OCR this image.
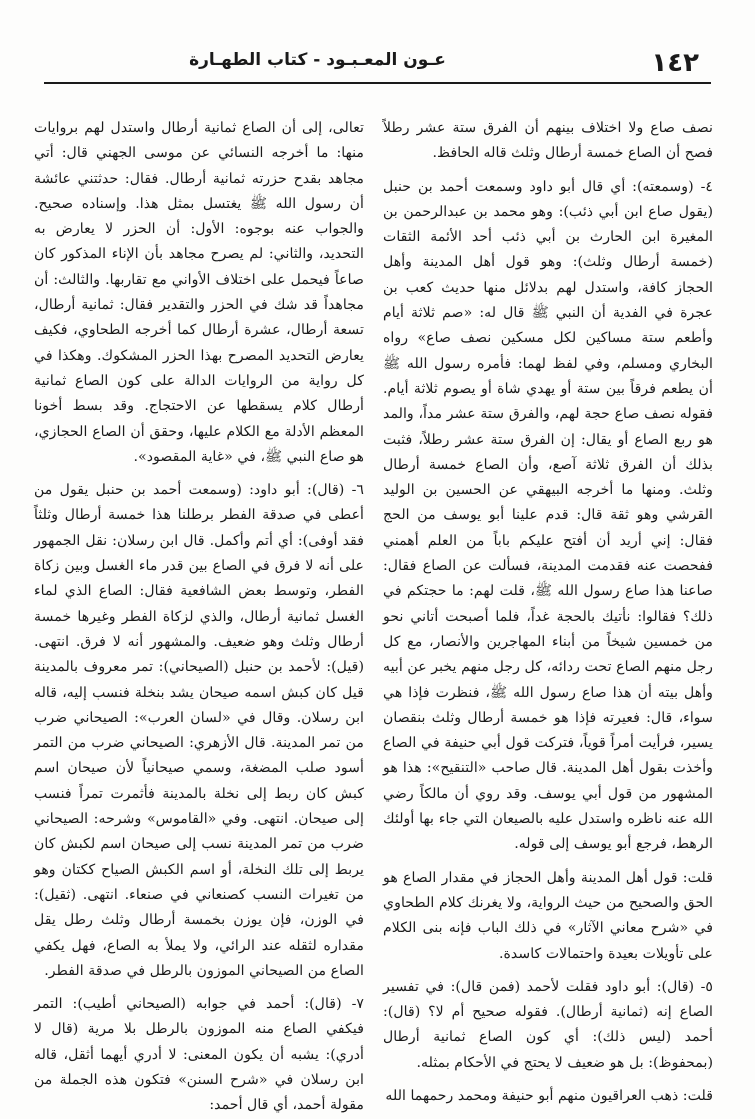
١٤٢
عـون المعـبـود - كتاب الطهـارة

نصف صاع ولا اختلاف بينهم أن الفرق ستة عشر رطلاً فصح أن الصاع خمسة أرطال وثلث قاله الحافظ.

٤- (وسمعته): أي قال أبو داود وسمعت أحمد بن حنبل (يقول صاع ابن أبي ذئب): وهو محمد بن عبدالرحمن بن المغيرة ابن الحارث بن أبي ذئب أحد الأئمة الثقات (خمسة أرطال وثلث): وهو قول أهل المدينة وأهل الحجاز كافة، واستدل لهم بدلائل منها حديث كعب بن عجرة في الفدية أن النبي ﷺ قال له: «صم ثلاثة أيام وأطعم ستة مساكين لكل مسكين نصف صاع» رواه البخاري ومسلم، وفي لفظ لهما: فأمره رسول الله ﷺ أن يطعم فرقاً بين ستة أو يهدي شاة أو يصوم ثلاثة أيام. فقوله نصف صاع حجة لهم، والفرق ستة عشر مداً، والمد هو ربع الصاع أو يقال: إن الفرق ستة عشر رطلاً، فثبت بذلك أن الفرق ثلاثة آصع، وأن الصاع خمسة أرطال وثلث. ومنها ما أخرجه البيهقي عن الحسين بن الوليد القرشي وهو ثقة قال: قدم علينا أبو يوسف من الحج فقال: إني أريد أن أفتح عليكم باباً من العلم أهمني ففحصت عنه فقدمت المدينة، فسألت عن الصاع فقال: صاعنا هذا صاع رسول الله ﷺ، قلت لهم: ما حجتكم في ذلك؟ فقالوا: نأتيك بالحجة غداً، فلما أصبحت أتاني نحو من خمسين شيخاً من أبناء المهاجرين والأنصار، مع كل رجل منهم الصاع تحت ردائه، كل رجل منهم يخبر عن أبيه وأهل بيته أن هذا صاع رسول الله ﷺ، فنظرت فإذا هي سواء، قال: فعيرته فإذا هو خمسة أرطال وثلث بنقصان يسير، فرأيت أمراً قوياً، فتركت قول أبي حنيفة في الصاع وأخذت بقول أهل المدينة. قال صاحب «التنقيح»: هذا هو المشهور من قول أبي يوسف. وقد روي أن مالكاً رضي الله عنه ناظره واستدل عليه بالصيعان التي جاء بها أولئك الرهط، فرجع أبو يوسف إلى قوله.

قلت: قول أهل المدينة وأهل الحجاز في مقدار الصاع هو الحق والصحيح من حيث الرواية، ولا يغرنك كلام الطحاوي في «شرح معاني الآثار» في ذلك الباب فإنه بنى الكلام على تأويلات بعيدة واحتمالات كاسدة.

٥- (قال): أبو داود فقلت لأحمد (فمن قال): في تفسير الصاع إنه (ثمانية أرطال). فقوله صحيح أم لا؟ (قال): أحمد (ليس ذلك): أي كون الصاع ثمانية أرطال (بمحفوظ): بل هو ضعيف لا يحتج في الأحكام بمثله.

قلت: ذهب العراقيون منهم أبو حنيفة ومحمد رحمهما الله

تعالى، إلى أن الصاع ثمانية أرطال واستدل لهم بروايات منها: ما أخرجه النسائي عن موسى الجهني قال: أتي مجاهد بقدح حزرته ثمانية أرطال. فقال: حدثتني عائشة أن رسول الله ﷺ يغتسل بمثل هذا. وإسناده صحيح. والجواب عنه بوجوه: الأول: أن الحزر لا يعارض به التحديد، والثاني: لم يصرح مجاهد بأن الإناء المذكور كان صاعاً فيحمل على اختلاف الأواني مع تقاربها. والثالث: أن مجاهداً قد شك في الحزر والتقدير فقال: ثمانية أرطال، تسعة أرطال، عشرة أرطال كما أخرجه الطحاوي، فكيف يعارض التحديد المصرح بهذا الحزر المشكوك. وهكذا في كل رواية من الروايات الدالة على كون الصاع ثمانية أرطال كلام يسقطها عن الاحتجاج. وقد بسط أخونا المعظم الأدلة مع الكلام عليها، وحقق أن الصاع الحجازي، هو صاع النبي ﷺ، في «غاية المقصود».

٦- (قال): أبو داود: (وسمعت أحمد بن حنبل يقول من أعطى في صدقة الفطر برطلنا هذا خمسة أرطال وثلثاً فقد أوفى): أي أتم وأكمل. قال ابن رسلان: نقل الجمهور على أنه لا فرق في الصاع بين قدر ماء الغسل وبين زكاة الفطر، وتوسط بعض الشافعية فقال: الصاع الذي لماء الغسل ثمانية أرطال، والذي لزكاة الفطر وغيرها خمسة أرطال وثلث وهو ضعيف. والمشهور أنه لا فرق. انتهى. (قيل): لأحمد بن حنبل (الصيحاني): تمر معروف بالمدينة قيل كان كبش اسمه صيحان يشد بنخلة فنسب إليه، قاله ابن رسلان. وقال في «لسان العرب»: الصيحاني ضرب من تمر المدينة. قال الأزهري: الصيحاني ضرب من التمر أسود صلب المضغة، وسمي صيحانياً لأن صيحان اسم كبش كان ربط إلى نخلة بالمدينة فأثمرت تمراً فنسب إلى صيحان. انتهى. وفي «القاموس» وشرحه: الصيحاني ضرب من تمر المدينة نسب إلى صيحان اسم لكبش كان يربط إلى تلك النخلة، أو اسم الكبش الصياح ككتان وهو من تغيرات النسب كصنعاني في صنعاء. انتهى. (ثقيل): في الوزن، فإن يوزن بخمسة أرطال وثلث رطل يقل مقداره لثقله عند الرائي، ولا يملأ به الصاع، فهل يكفي الصاع من الصيحاني الموزون بالرطل في صدقة الفطر.

٧- (قال): أحمد في جوابه (الصيحاني أطيب): التمر فيكفي الصاع منه الموزون بالرطل بلا مرية (قال لا أدري): يشبه أن يكون المعنى: لا أدري أيهما أثقل، قاله ابن رسلان في «شرح السنن» فتكون هذه الجملة من مقولة أحمد، أي قال أحمد:
